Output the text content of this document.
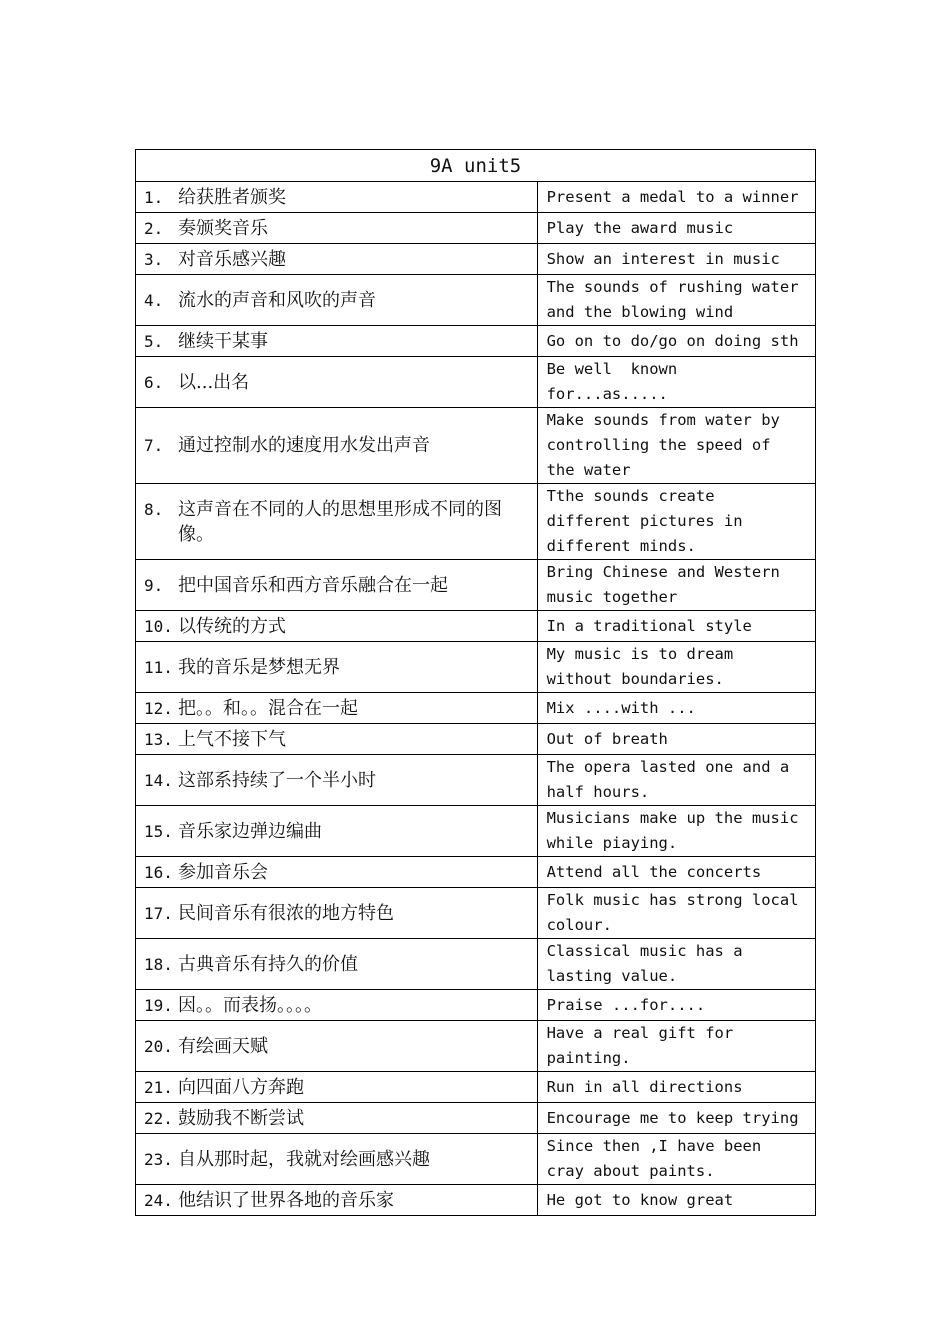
9A unit5	

1. 给获胜者颁奖	Present a medal to a winner

2. 奏颁奖音乐	Play the award music

3. 对音乐感兴趣	Show an interest in music

4. 流水的声音和风吹的声音	The sounds of rushing water and the blowing wind

5. 继续干某事	Go on to do/go on doing sth

6. 以...出名	Be well  known for...as.....

7. 通过控制水的速度用水发出声音	Make sounds from water by controlling the speed of the water

8. 这声音在不同的人的思想里形成不同的图像。	Tthe sounds create different pictures in different minds.

9. 把中国音乐和西方音乐融合在一起	Bring Chinese and Western music together

10. 以传统的方式	In a traditional style

11. 我的音乐是梦想无界	My music is to dream without boundaries.

12. 把。。和。。混合在一起	Mix ....with ...

13. 上气不接下气	Out of breath

14. 这部系持续了一个半小时	The opera lasted one and a half hours.

15. 音乐家边弹边编曲	Musicians make up the music while piaying.

16. 参加音乐会	Attend all the concerts

17. 民间音乐有很浓的地方特色	Folk music has strong local colour.

18. 古典音乐有持久的价值	Classical music has a lasting value.

19. 因。。而表扬。。。。	Praise ...for....

20. 有绘画天赋	Have a real gift for painting.

21. 向四面八方奔跑	Run in all directions

22. 鼓励我不断尝试	Encourage me to keep trying

23. 自从那时起，我就对绘画感兴趣	Since then ,I have been cray about paints.

24. 他结识了世界各地的音乐家	He got to know great
